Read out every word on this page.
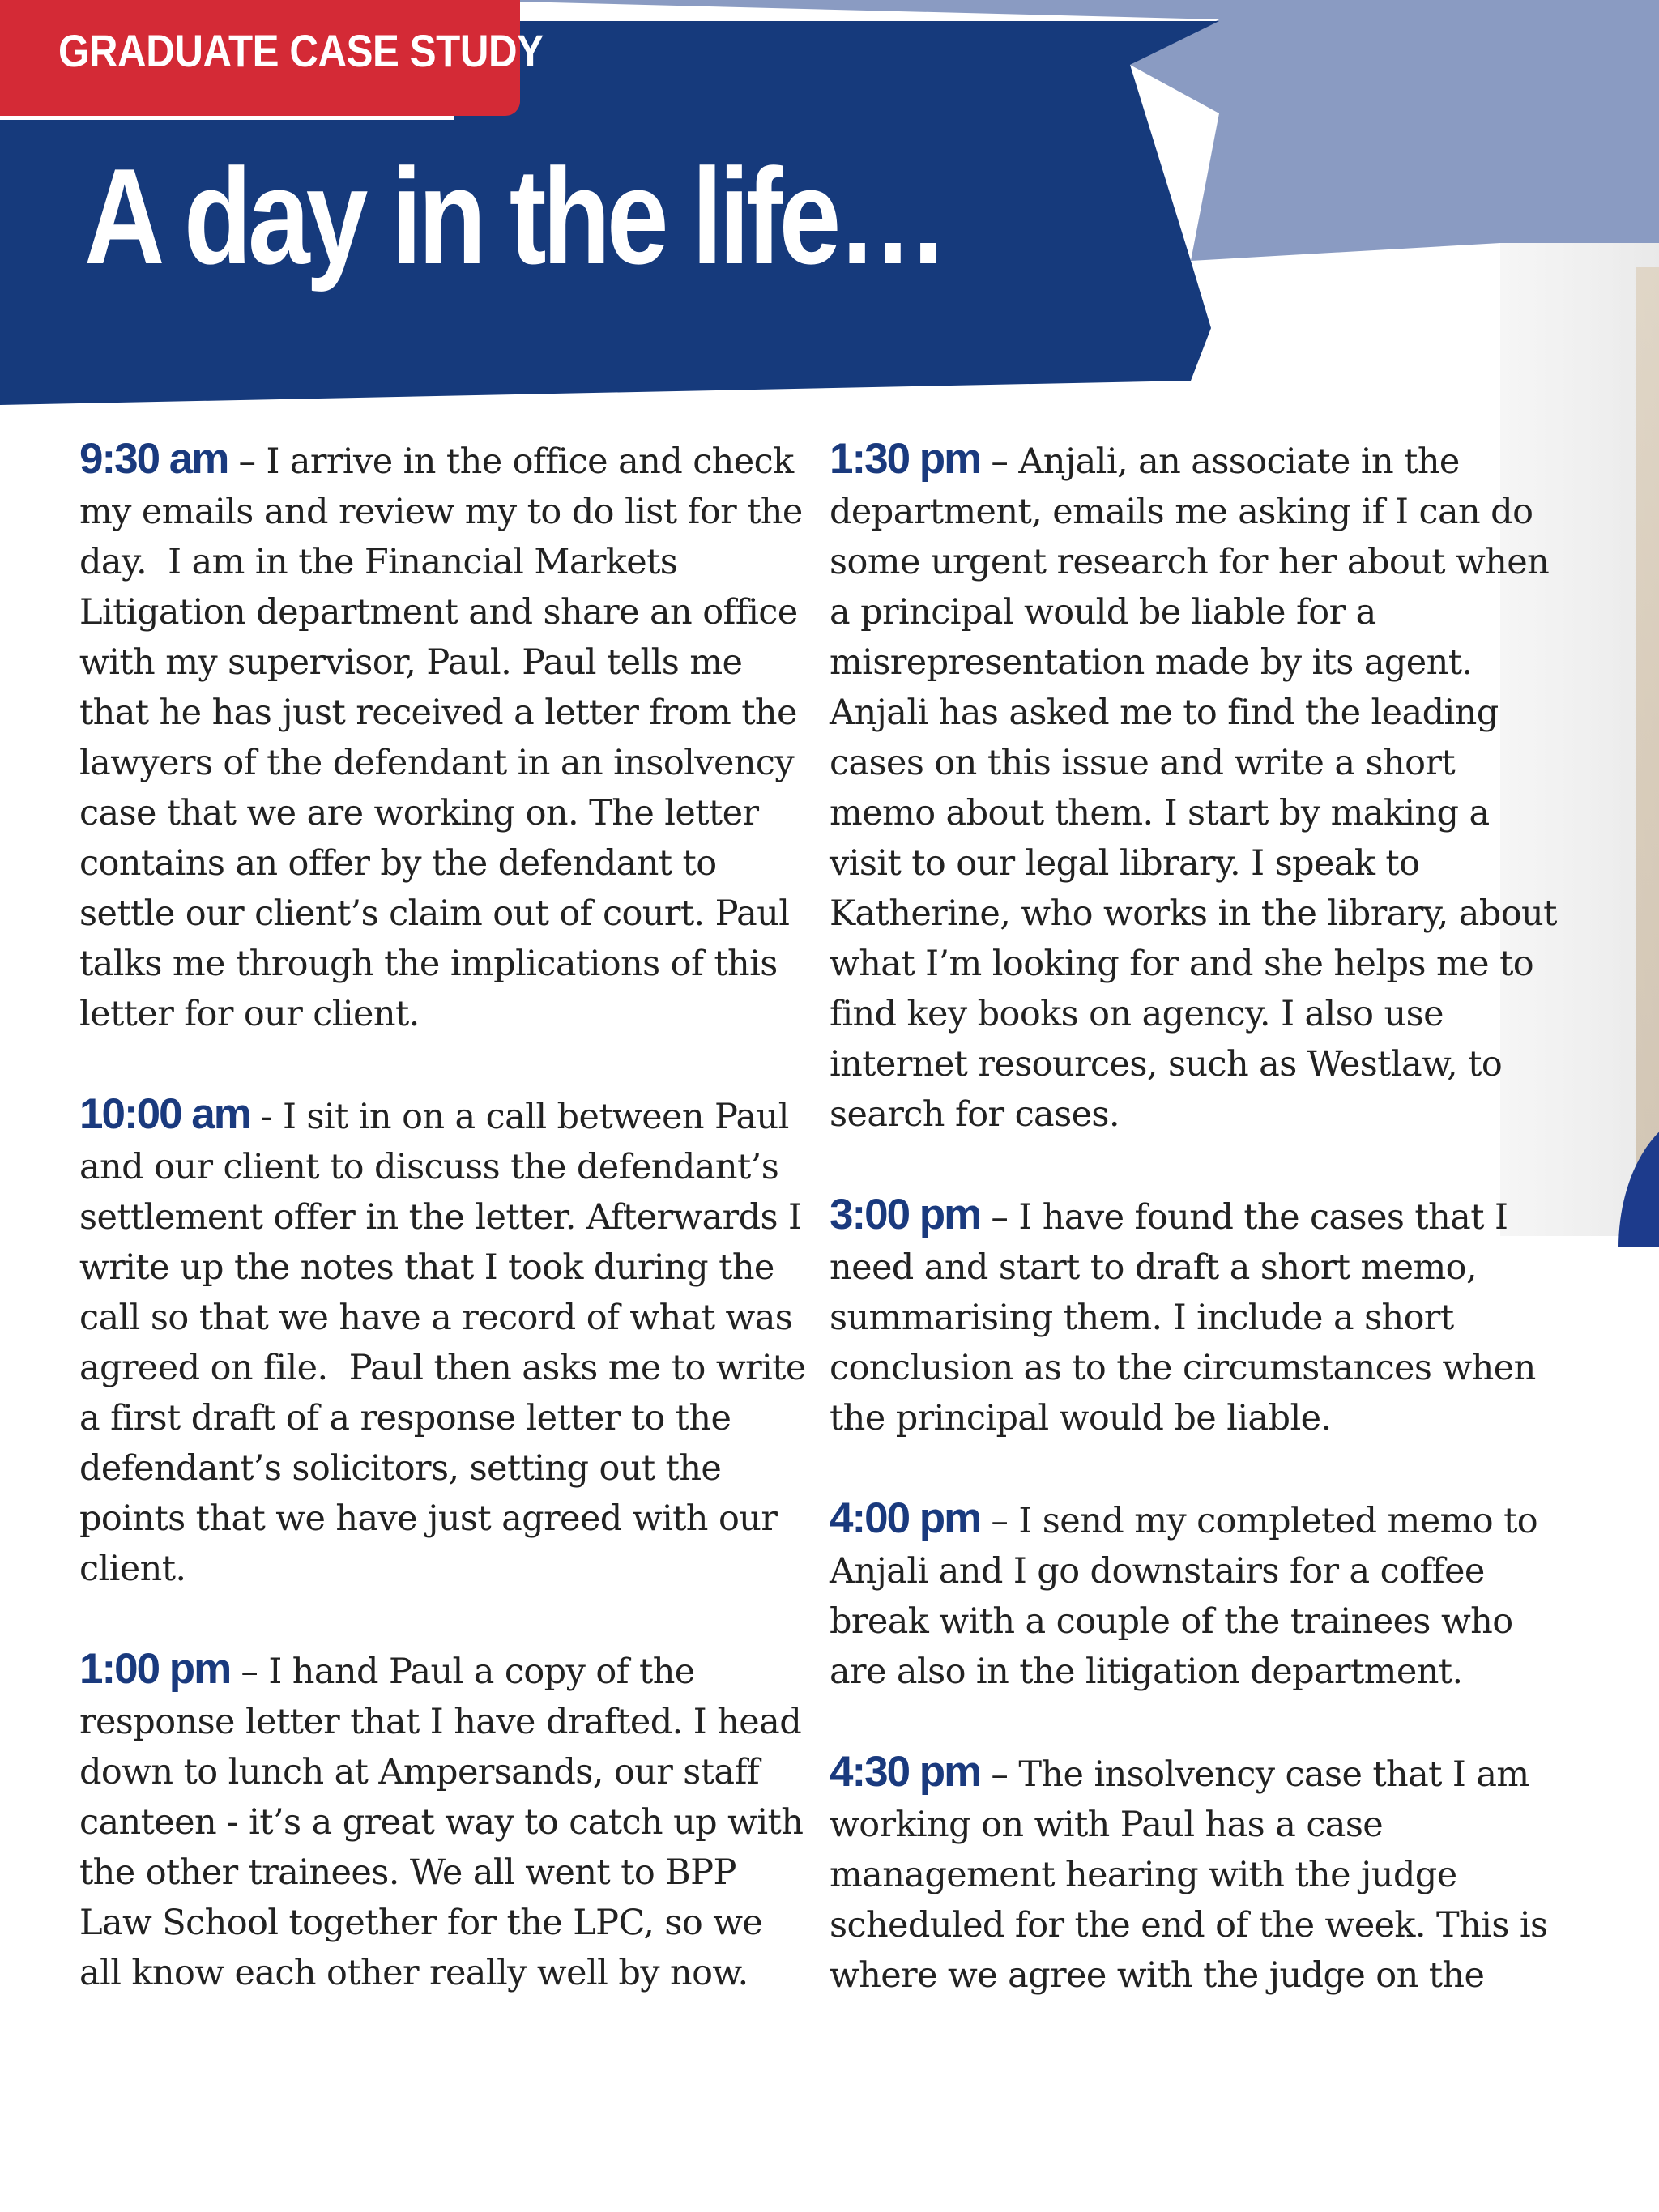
GRADUATE CASE STUDY
A day in the life…

9:30 am – I arrive in the office and check my emails and review my to do list for the day.  I am in the Financial Markets Litigation department and share an office with my supervisor, Paul. Paul tells me that he has just received a letter from the lawyers of the defendant in an insolvency case that we are working on. The letter contains an offer by the defendant to settle our client’s claim out of court. Paul talks me through the implications of this letter for our client.

10:00 am - I sit in on a call between Paul and our client to discuss the defendant’s settlement offer in the letter. Afterwards I write up the notes that I took during the call so that we have a record of what was agreed on file.  Paul then asks me to write a first draft of a response letter to the defendant’s solicitors, setting out the points that we have just agreed with our client.

1:00 pm – I hand Paul a copy of the response letter that I have drafted. I head down to lunch at Ampersands, our staff canteen - it’s a great way to catch up with the other trainees. We all went to BPP Law School together for the LPC, so we all know each other really well by now.

1:30 pm – Anjali, an associate in the department, emails me asking if I can do some urgent research for her about when a principal would be liable for a misrepresentation made by its agent. Anjali has asked me to find the leading cases on this issue and write a short memo about them. I start by making a visit to our legal library. I speak to Katherine, who works in the library, about what I’m looking for and she helps me to find key books on agency. I also use internet resources, such as Westlaw, to search for cases.

3:00 pm – I have found the cases that I need and start to draft a short memo, summarising them. I include a short conclusion as to the circumstances when the principal would be liable.

4:00 pm – I send my completed memo to Anjali and I go downstairs for a coffee break with a couple of the trainees who are also in the litigation department.

4:30 pm – The insolvency case that I am working on with Paul has a case management hearing with the judge scheduled for the end of the week. This is where we agree with the judge on the
